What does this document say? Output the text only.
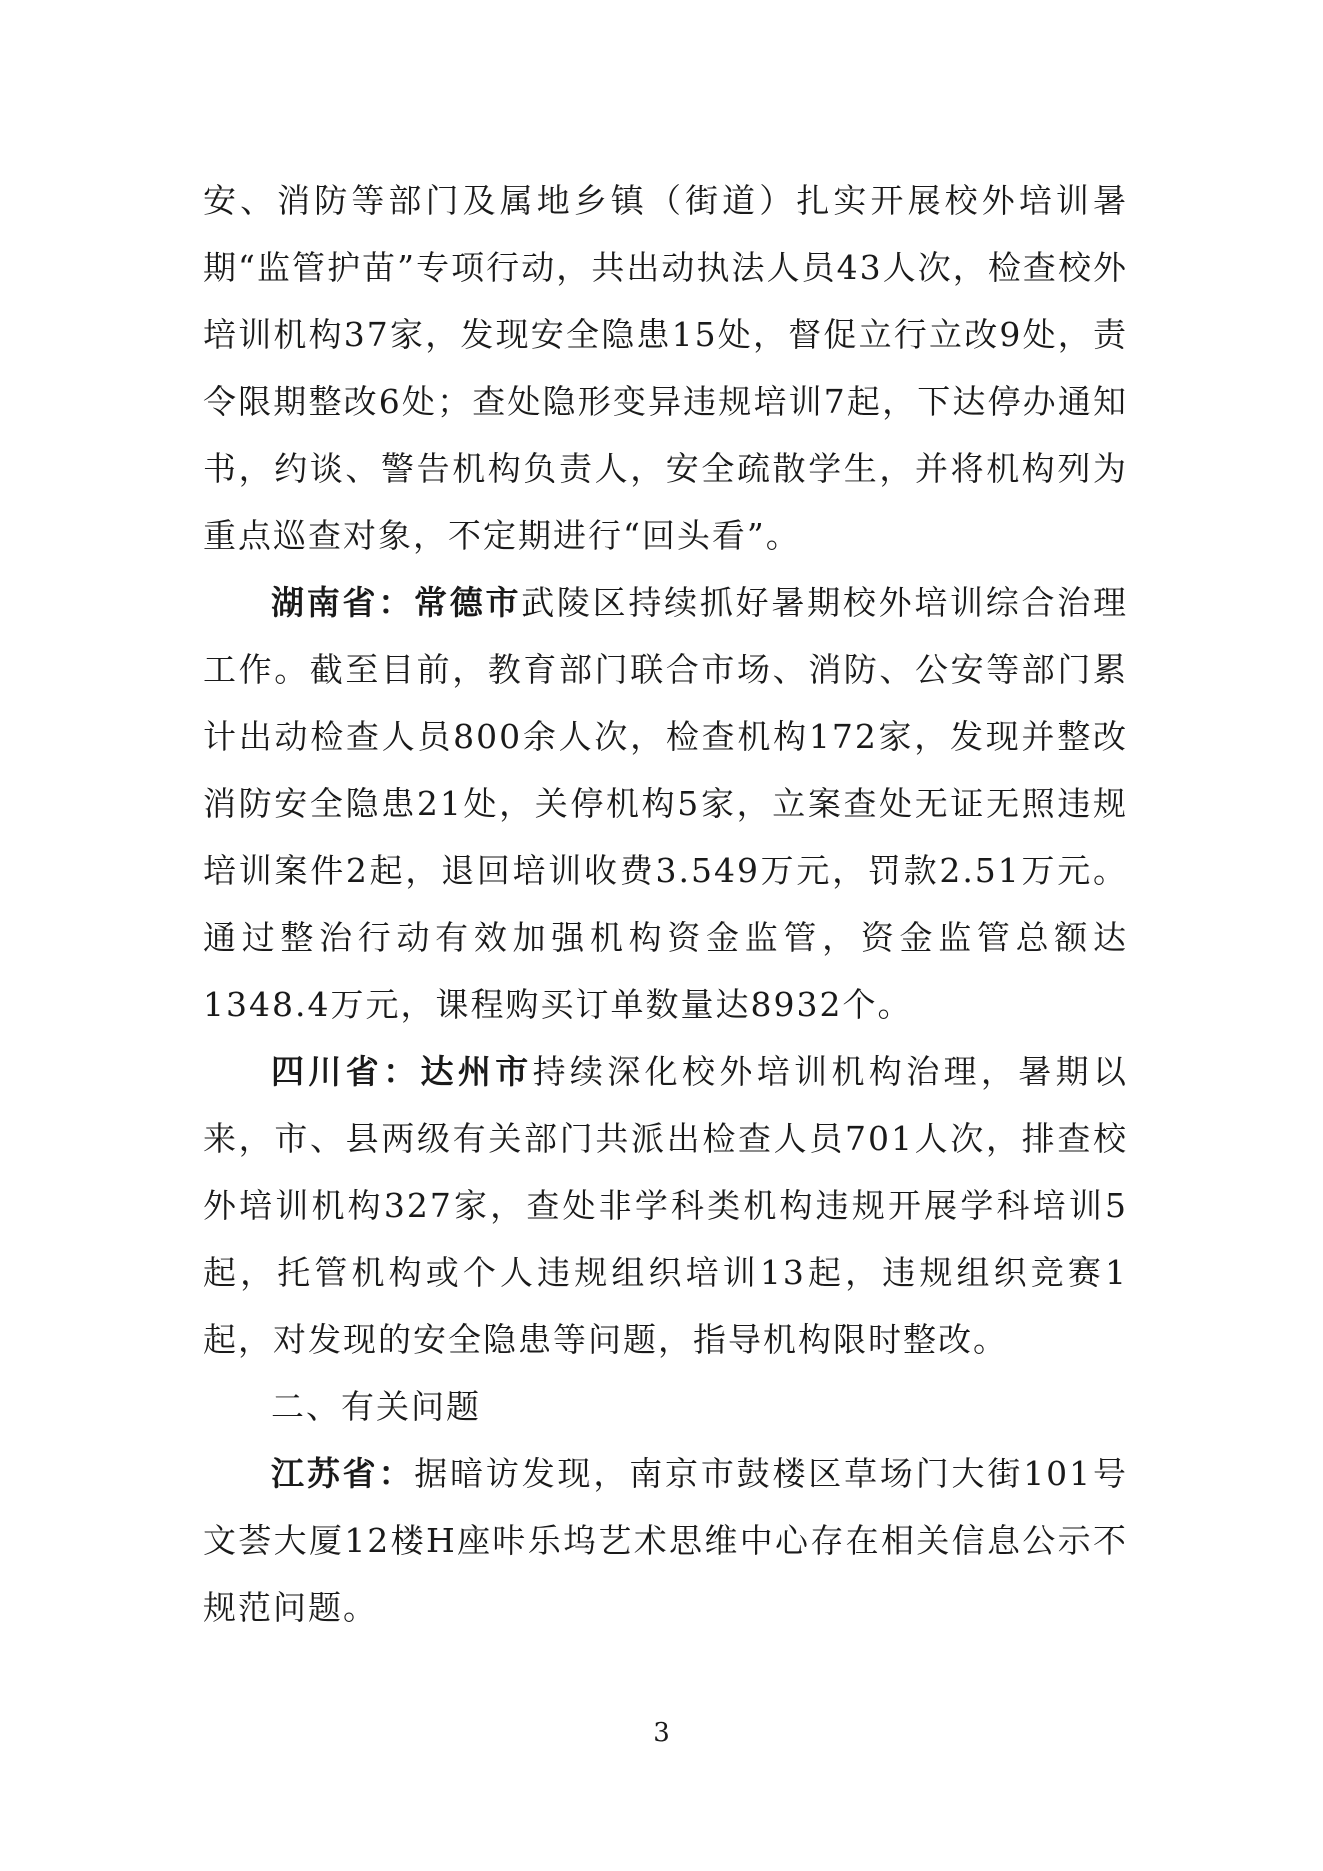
安、消防等部门及属地乡镇（街道）扎实开展校外培训暑期“监管护苗”专项行动，共出动执法人员43人次，检查校外培训机构37家，发现安全隐患15处，督促立行立改9处，责令限期整改6处；查处隐形变异违规培训7起，下达停办通知书，约谈、警告机构负责人，安全疏散学生，并将机构列为重点巡查对象，不定期进行“回头看”。

湖南省：常德市武陵区持续抓好暑期校外培训综合治理工作。截至目前，教育部门联合市场、消防、公安等部门累计出动检查人员800余人次，检查机构172家，发现并整改消防安全隐患21处，关停机构5家，立案查处无证无照违规培训案件2起，退回培训收费3.549万元，罚款2.51万元。通过整治行动有效加强机构资金监管，资金监管总额达1348.4万元，课程购买订单数量达8932个。

四川省：达州市持续深化校外培训机构治理，暑期以来，市、县两级有关部门共派出检查人员701人次，排查校外培训机构327家，查处非学科类机构违规开展学科培训5起，托管机构或个人违规组织培训13起，违规组织竞赛1起，对发现的安全隐患等问题，指导机构限时整改。

二、有关问题

江苏省：据暗访发现，南京市鼓楼区草场门大街101号文荟大厦12楼H座咔乐坞艺术思维中心存在相关信息公示不规范问题。

3
